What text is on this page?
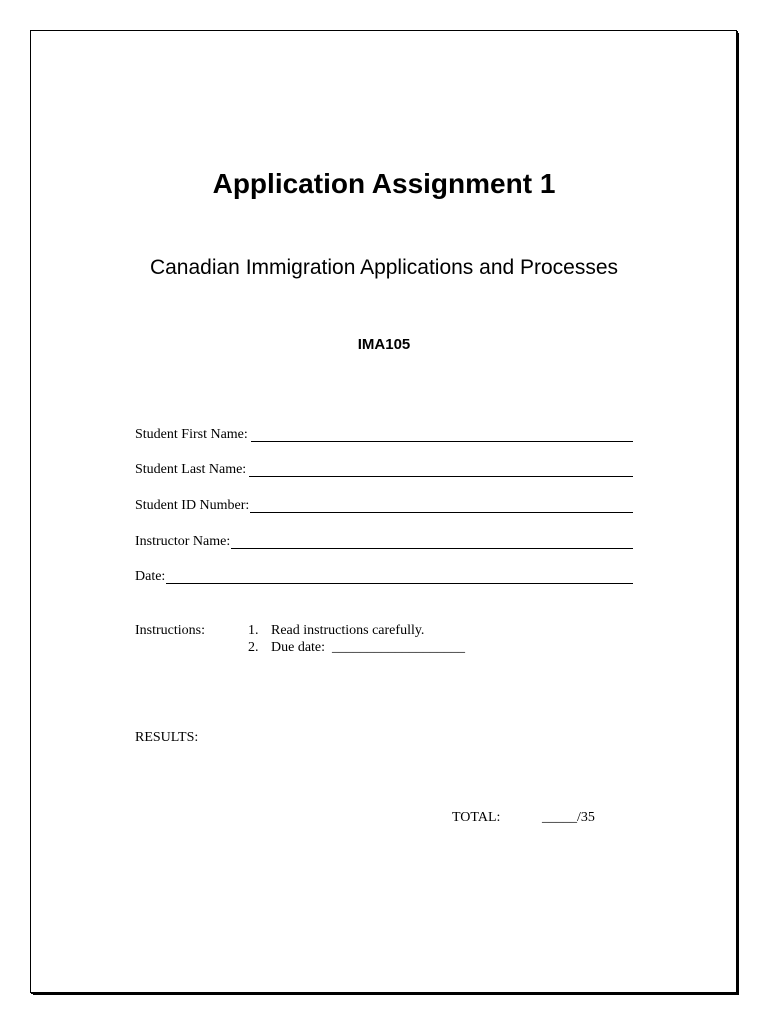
Application Assignment 1
Canadian Immigration Applications and Processes
IMA105
Student First Name:
Student Last Name:
Student ID Number:
Instructor Name:
Date:
Instructions:	1. Read instructions carefully.
2. Due date:  ___________________
RESULTS:
TOTAL:	_____/35
